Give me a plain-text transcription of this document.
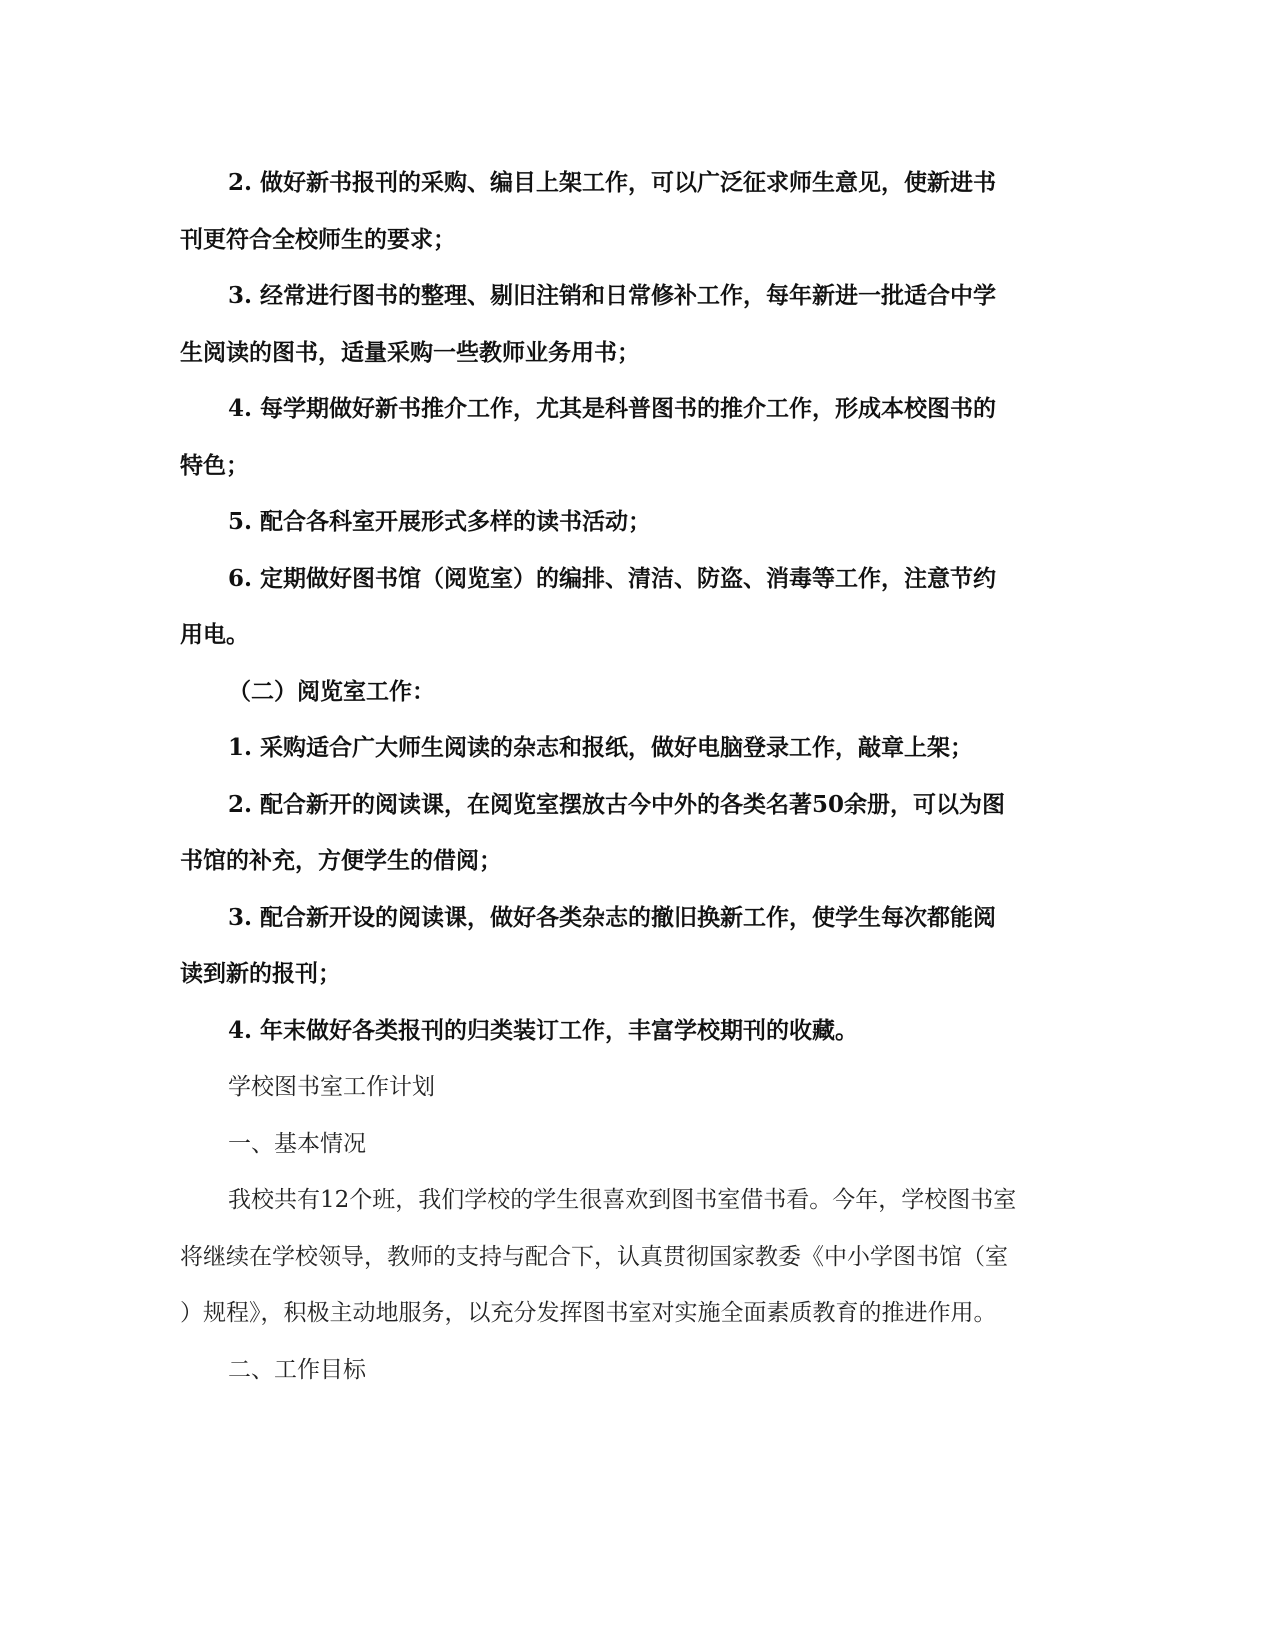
2. 做好新书报刊的采购、编目上架工作，可以广泛征求师生意见，使新进书
刊更符合全校师生的要求；
3. 经常进行图书的整理、剔旧注销和日常修补工作，每年新进一批适合中学
生阅读的图书，适量采购一些教师业务用书；
4. 每学期做好新书推介工作，尤其是科普图书的推介工作，形成本校图书的
特色；
5. 配合各科室开展形式多样的读书活动；
6. 定期做好图书馆（阅览室）的编排、清洁、防盗、消毒等工作，注意节约
用电。
（二）阅览室工作：
1. 采购适合广大师生阅读的杂志和报纸，做好电脑登录工作，敲章上架；
2. 配合新开的阅读课，在阅览室摆放古今中外的各类名著50余册，可以为图
书馆的补充，方便学生的借阅；
3. 配合新开设的阅读课，做好各类杂志的撤旧换新工作，使学生每次都能阅
读到新的报刊；
4. 年末做好各类报刊的归类装订工作，丰富学校期刊的收藏。
学校图书室工作计划
一、基本情况
我校共有12个班，我们学校的学生很喜欢到图书室借书看。今年，学校图书室
将继续在学校领导，教师的支持与配合下，认真贯彻国家教委《中小学图书馆（室
）规程》，积极主动地服务，以充分发挥图书室对实施全面素质教育的推进作用。
二、工作目标
